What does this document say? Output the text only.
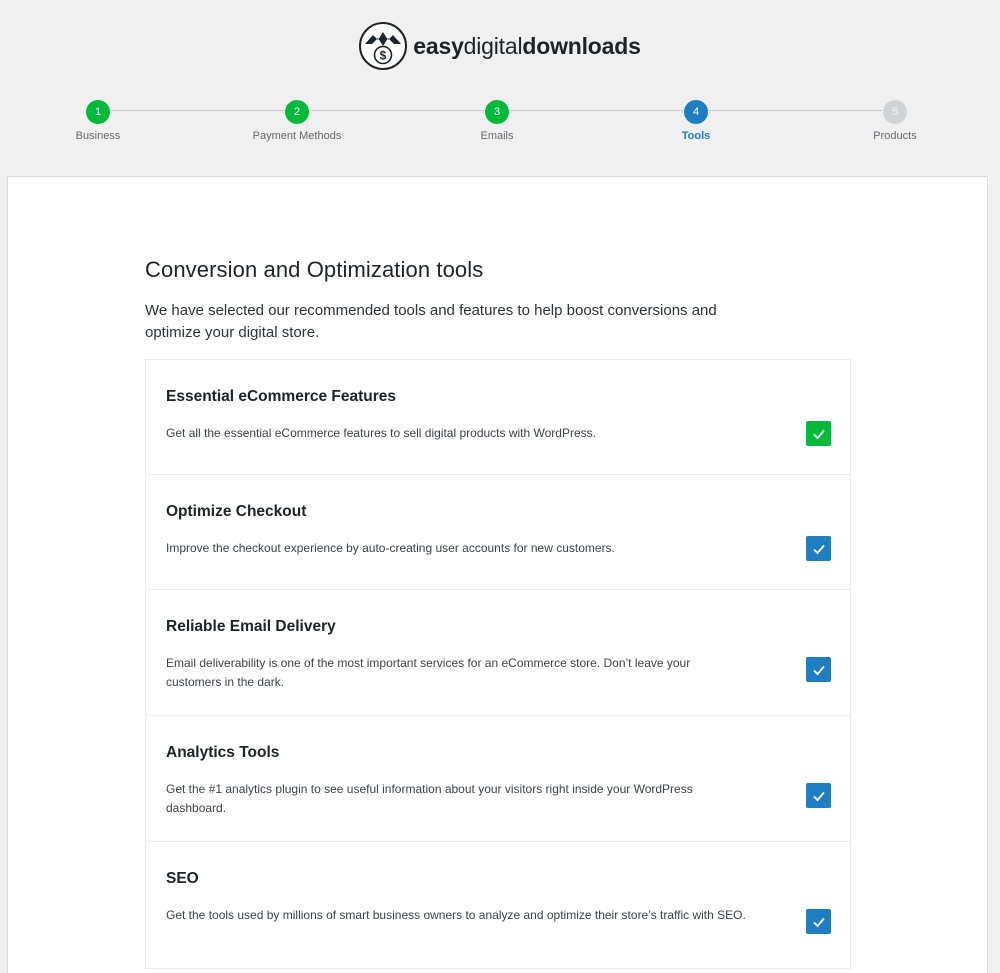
$ easydigitaldownloads
1
Business
2
Payment Methods
3
Emails
4
Tools
5
Products
Conversion and Optimization tools

We have selected our recommended tools and features to help boost conversions and optimize your digital store.

Essential eCommerce Features
Get all the essential eCommerce features to sell digital products with WordPress.
Optimize Checkout
Improve the checkout experience by auto-creating user accounts for new customers.
Reliable Email Delivery
Email deliverability is one of the most important services for an eCommerce store. Don’t leave your customers in the dark.
Analytics Tools
Get the #1 analytics plugin to see useful information about your visitors right inside your WordPress dashboard.
SEO
Get the tools used by millions of smart business owners to analyze and optimize their store’s traffic with SEO.
